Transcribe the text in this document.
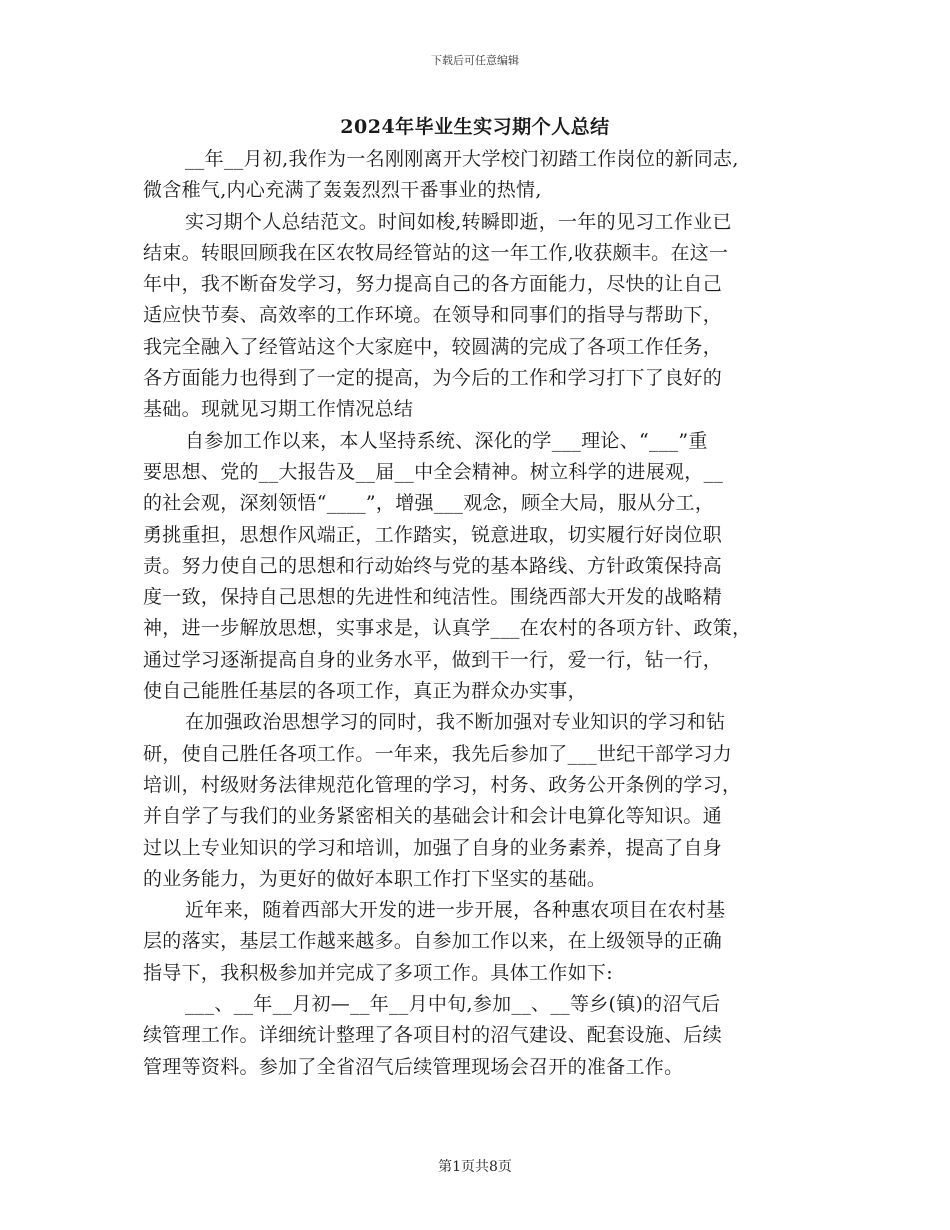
下载后可任意编辑
2024年毕业生实习期个人总结

__年__月初,我作为一名刚刚离开大学校门初踏工作岗位的新同志,

微含稚气,内心充满了轰轰烈烈干番事业的热情,

实习期个人总结范文。时间如梭,转瞬即逝，一年的见习工作业已

结束。转眼回顾我在区农牧局经管站的这一年工作,收获颇丰。在这一

年中，我不断奋发学习，努力提高自己的各方面能力，尽快的让自己

适应快节奏、高效率的工作环境。在领导和同事们的指导与帮助下，

我完全融入了经管站这个大家庭中，较圆满的完成了各项工作任务，

各方面能力也得到了一定的提高，为今后的工作和学习打下了良好的

基础。现就见习期工作情况总结

自参加工作以来，本人坚持系统、深化的学___理论、“___”重

要思想、党的__大报告及__届__中全会精神。树立科学的进展观，__

的社会观，深刻领悟“____”，增强___观念，顾全大局，服从分工，

勇挑重担，思想作风端正，工作踏实，锐意进取，切实履行好岗位职

责。努力使自己的思想和行动始终与党的基本路线、方针政策保持高

度一致，保持自己思想的先进性和纯洁性。围绕西部大开发的战略精

神，进一步解放思想，实事求是，认真学___在农村的各项方针、政策，

通过学习逐渐提高自身的业务水平，做到干一行，爱一行，钻一行，

使自己能胜任基层的各项工作，真正为群众办实事，

在加强政治思想学习的同时，我不断加强对专业知识的学习和钻

研，使自己胜任各项工作。一年来，我先后参加了___世纪干部学习力

培训，村级财务法律规范化管理的学习，村务、政务公开条例的学习，

并自学了与我们的业务紧密相关的基础会计和会计电算化等知识。通

过以上专业知识的学习和培训，加强了自身的业务素养，提高了自身

的业务能力，为更好的做好本职工作打下坚实的基础。

近年来，随着西部大开发的进一步开展，各种惠农项目在农村基

层的落实，基层工作越来越多。自参加工作以来，在上级领导的正确

指导下，我积极参加并完成了多项工作。具体工作如下:

___、__年__月初—__年__月中旬,参加__、__等乡(镇)的沼气后

续管理工作。详细统计整理了各项目村的沼气建设、配套设施、后续

管理等资料。参加了全省沼气后续管理现场会召开的准备工作。

第1页共8页
